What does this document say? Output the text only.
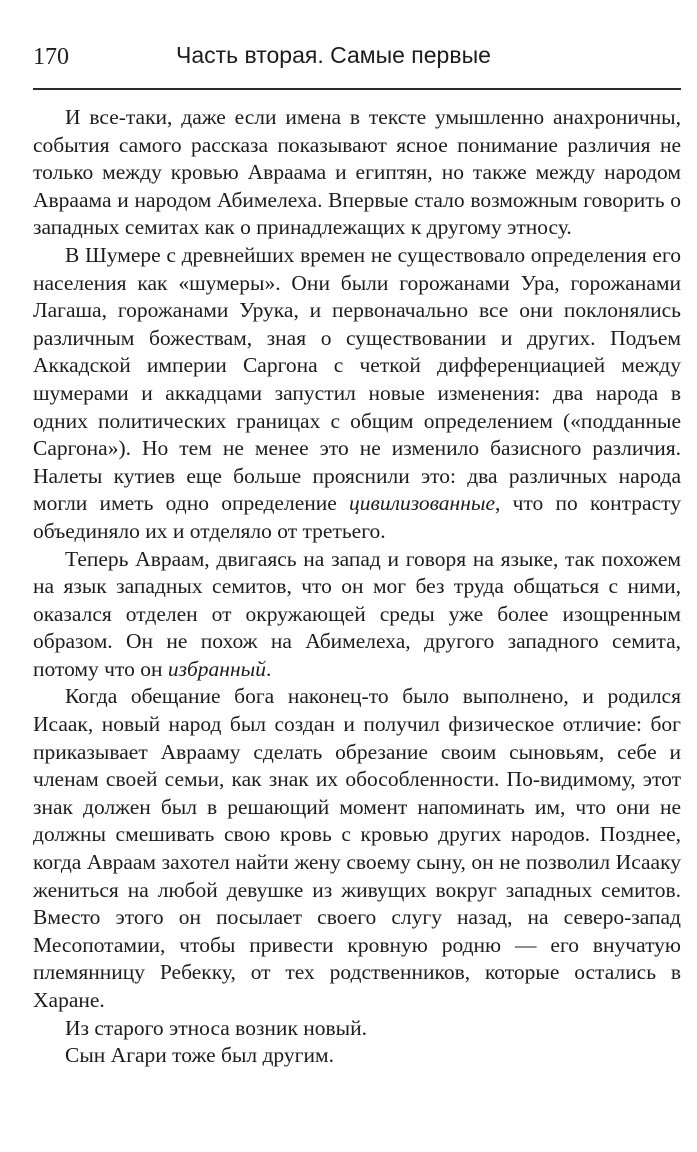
170	Часть вторая. Самые первые

И все-таки, даже если имена в тексте умышленно анахроничны, события самого рассказа показывают ясное понимание различия не только между кровью Авраама и египтян, но также между народом Авраама и народом Абимелеха. Впервые стало возможным говорить о западных семитах как о принадлежащих к другому этносу.

В Шумере с древнейших времен не существовало определения его населения как «шумеры». Они были горожанами Ура, горожанами Лагаша, горожанами Урука, и первоначально все они поклонялись различным божествам, зная о существовании и других. Подъем Аккадской империи Саргона с четкой дифференциацией между шумерами и аккадцами запустил новые изменения: два народа в одних политических границах с общим определением («подданные Саргона»). Но тем не менее это не изменило базисного различия. Налеты кутиев еще больше прояснили это: два различных народа могли иметь одно определение цивилизованные, что по контрасту объединяло их и отделяло от третьего.

Теперь Авраам, двигаясь на запад и говоря на языке, так похожем на язык западных семитов, что он мог без труда общаться с ними, оказался отделен от окружающей среды уже более изощренным образом. Он не похож на Абимелеха, другого западного семита, потому что он избранный.

Когда обещание бога наконец-то было выполнено, и родился Исаак, новый народ был создан и получил физическое отличие: бог приказывает Аврааму сделать обрезание своим сыновьям, себе и членам своей семьи, как знак их обособленности. По-видимому, этот знак должен был в решающий момент напоминать им, что они не должны смешивать свою кровь с кровью других народов. Позднее, когда Авраам захотел найти жену своему сыну, он не позволил Исааку жениться на любой девушке из живущих вокруг западных семитов. Вместо этого он посылает своего слугу назад, на северо-запад Месопотамии, чтобы привести кровную родню — его внучатую племянницу Ребекку, от тех родственников, которые остались в Харане.

Из старого этноса возник новый.

Сын Агари тоже был другим.
